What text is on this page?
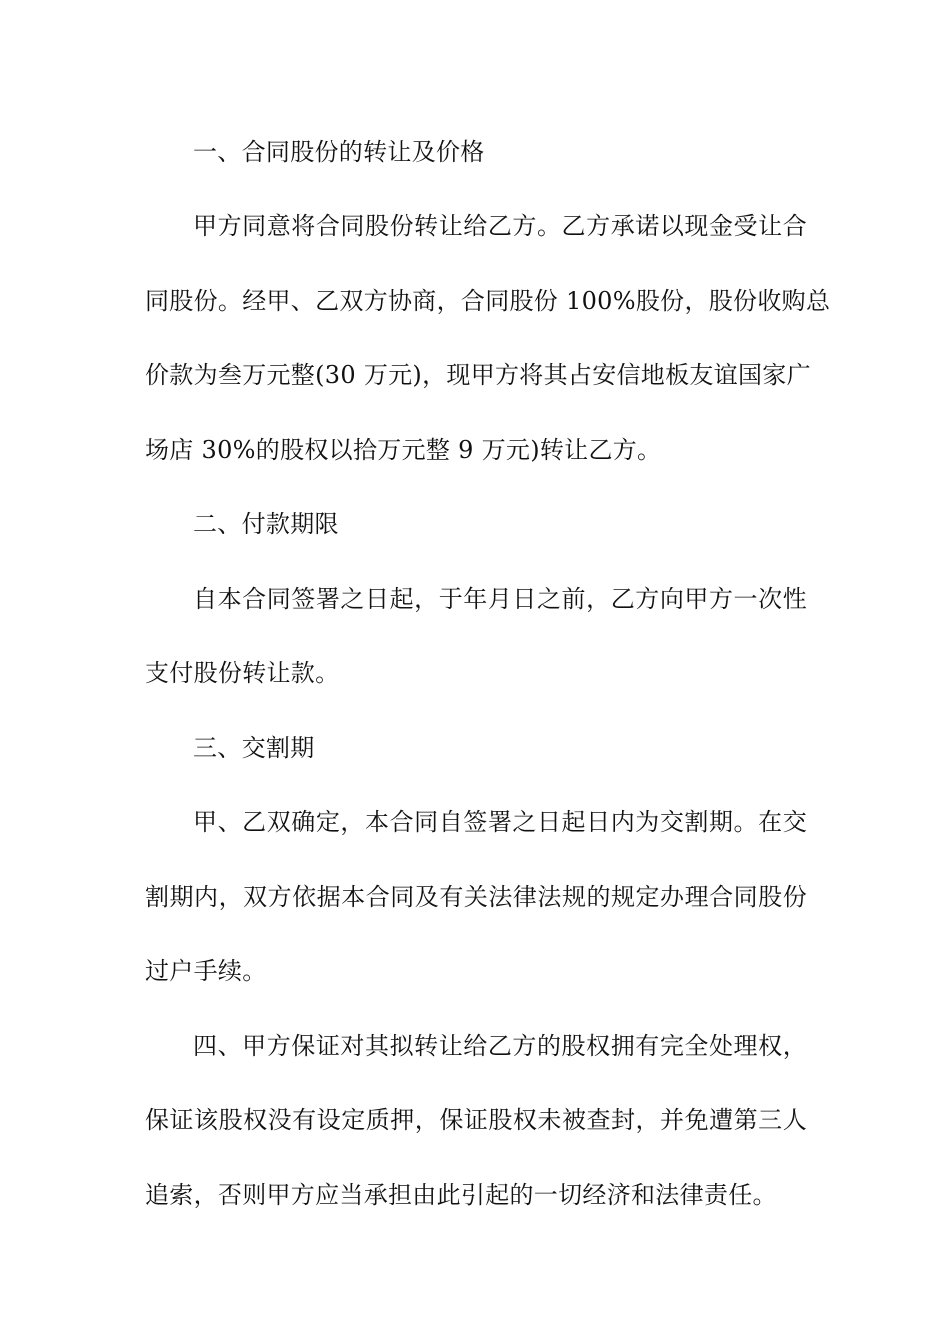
一、合同股份的转让及价格
甲方同意将合同股份转让给乙方。乙方承诺以现金受让合
同股份。经甲、乙双方协商，合同股份 100%股份，股份收购总
价款为叁万元整(30 万元)，现甲方将其占安信地板友谊国家广
场店 30%的股权以拾万元整 9 万元)转让乙方。
二、付款期限
自本合同签署之日起，于年月日之前，乙方向甲方一次性
支付股份转让款。
三、交割期
甲、乙双确定，本合同自签署之日起日内为交割期。在交
割期内，双方依据本合同及有关法律法规的规定办理合同股份
过户手续。
四、甲方保证对其拟转让给乙方的股权拥有完全处理权，
保证该股权没有设定质押，保证股权未被查封，并免遭第三人
追索，否则甲方应当承担由此引起的一切经济和法律责任。
